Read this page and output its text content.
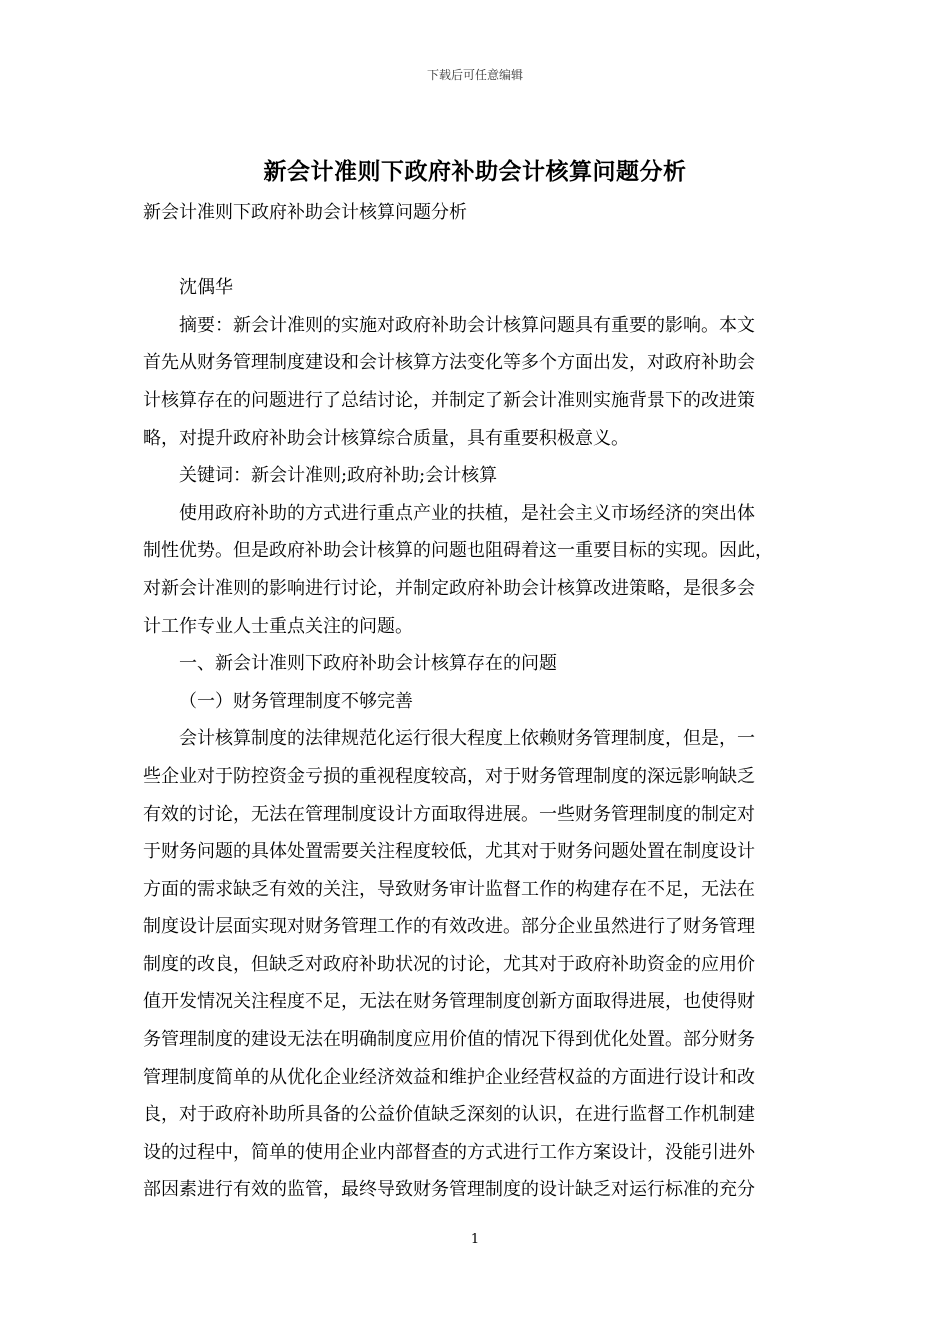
下载后可任意编辑
新会计准则下政府补助会计核算问题分析
新会计准则下政府补助会计核算问题分析
沈偶华
摘要：新会计准则的实施对政府补助会计核算问题具有重要的影响。本文
首先从财务管理制度建设和会计核算方法变化等多个方面出发，对政府补助会
计核算存在的问题进行了总结讨论，并制定了新会计准则实施背景下的改进策
略，对提升政府补助会计核算综合质量，具有重要积极意义。
关键词：新会计准则;政府补助;会计核算
使用政府补助的方式进行重点产业的扶植，是社会主义市场经济的突出体
制性优势。但是政府补助会计核算的问题也阻碍着这一重要目标的实现。因此，
对新会计准则的影响进行讨论，并制定政府补助会计核算改进策略，是很多会
计工作专业人士重点关注的问题。
一、新会计准则下政府补助会计核算存在的问题
（一）财务管理制度不够完善
会计核算制度的法律规范化运行很大程度上依赖财务管理制度，但是，一
些企业对于防控资金亏损的重视程度较高，对于财务管理制度的深远影响缺乏
有效的讨论，无法在管理制度设计方面取得进展。一些财务管理制度的制定对
于财务问题的具体处置需要关注程度较低，尤其对于财务问题处置在制度设计
方面的需求缺乏有效的关注，导致财务审计监督工作的构建存在不足，无法在
制度设计层面实现对财务管理工作的有效改进。部分企业虽然进行了财务管理
制度的改良，但缺乏对政府补助状况的讨论，尤其对于政府补助资金的应用价
值开发情况关注程度不足，无法在财务管理制度创新方面取得进展，也使得财
务管理制度的建设无法在明确制度应用价值的情况下得到优化处置。部分财务
管理制度简单的从优化企业经济效益和维护企业经营权益的方面进行设计和改
良，对于政府补助所具备的公益价值缺乏深刻的认识，在进行监督工作机制建
设的过程中，简单的使用企业内部督查的方式进行工作方案设计，没能引进外
部因素进行有效的监管，最终导致财务管理制度的设计缺乏对运行标准的充分
1
